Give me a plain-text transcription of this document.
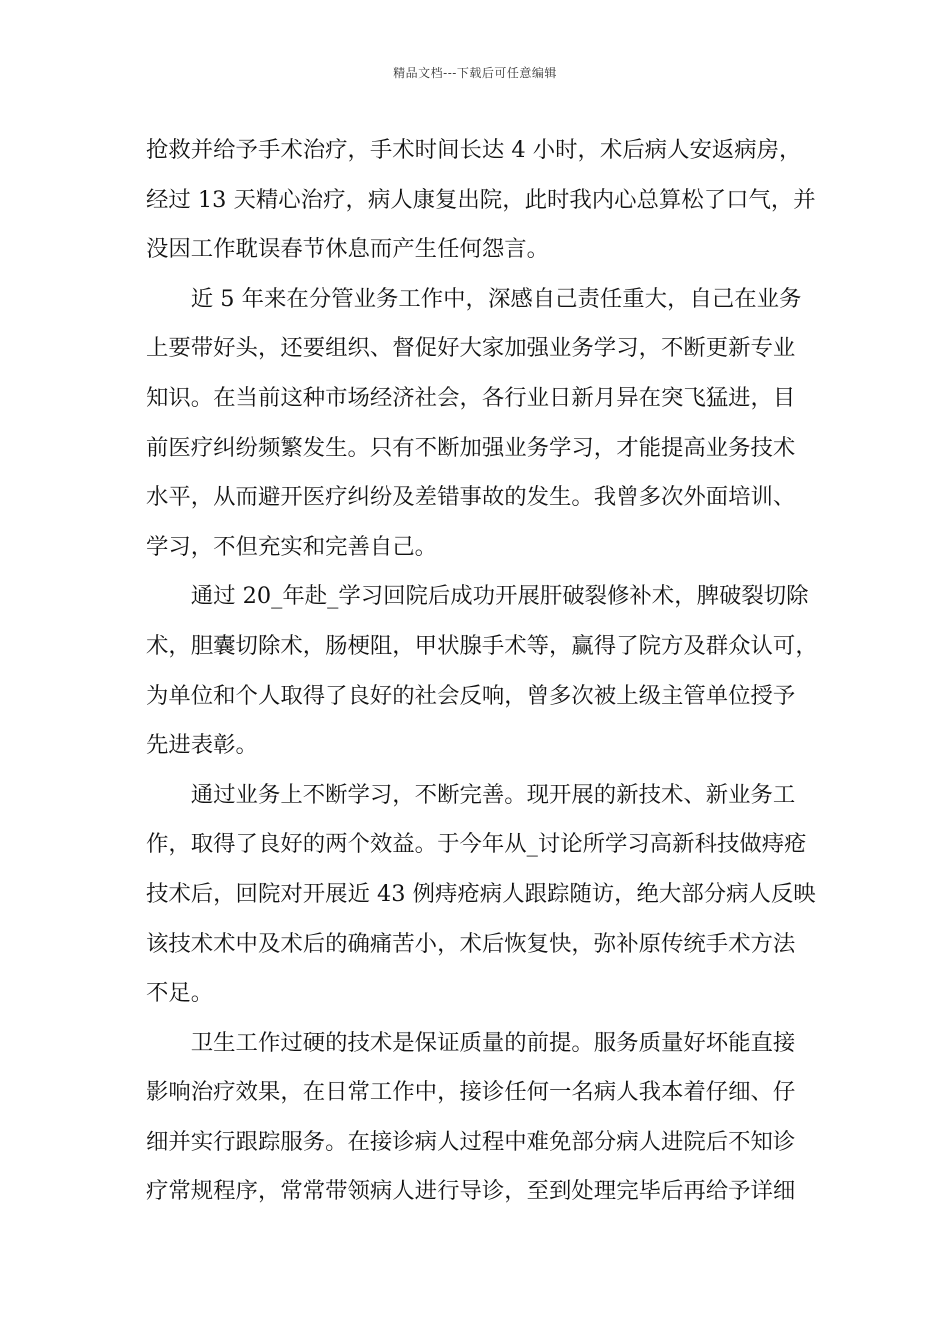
精品文档---下载后可任意编辑
抢救并给予手术治疗，手术时间长达 4 小时，术后病人安返病房，
经过 13 天精心治疗，病人康复出院，此时我内心总算松了口气，并
没因工作耽误春节休息而产生任何怨言。
　　近 5 年来在分管业务工作中，深感自己责任重大，自己在业务
上要带好头，还要组织、督促好大家加强业务学习，不断更新专业
知识。在当前这种市场经济社会，各行业日新月异在突飞猛进，目
前医疗纠纷频繁发生。只有不断加强业务学习，才能提高业务技术
水平，从而避开医疗纠纷及差错事故的发生。我曾多次外面培训、
学习，不但充实和完善自己。
　　通过 20_年赴_学习回院后成功开展肝破裂修补术，脾破裂切除
术，胆囊切除术，肠梗阻，甲状腺手术等，赢得了院方及群众认可，
为单位和个人取得了良好的社会反响，曾多次被上级主管单位授予
先进表彰。
　　通过业务上不断学习，不断完善。现开展的新技术、新业务工
作，取得了良好的两个效益。于今年从_讨论所学习高新科技做痔疮
技术后，回院对开展近 43 例痔疮病人跟踪随访，绝大部分病人反映
该技术术中及术后的确痛苦小，术后恢复快，弥补原传统手术方法
不足。
　　卫生工作过硬的技术是保证质量的前提。服务质量好坏能直接
影响治疗效果，在日常工作中，接诊任何一名病人我本着仔细、仔
细并实行跟踪服务。在接诊病人过程中难免部分病人进院后不知诊
疗常规程序，常常带领病人进行导诊，至到处理完毕后再给予详细
